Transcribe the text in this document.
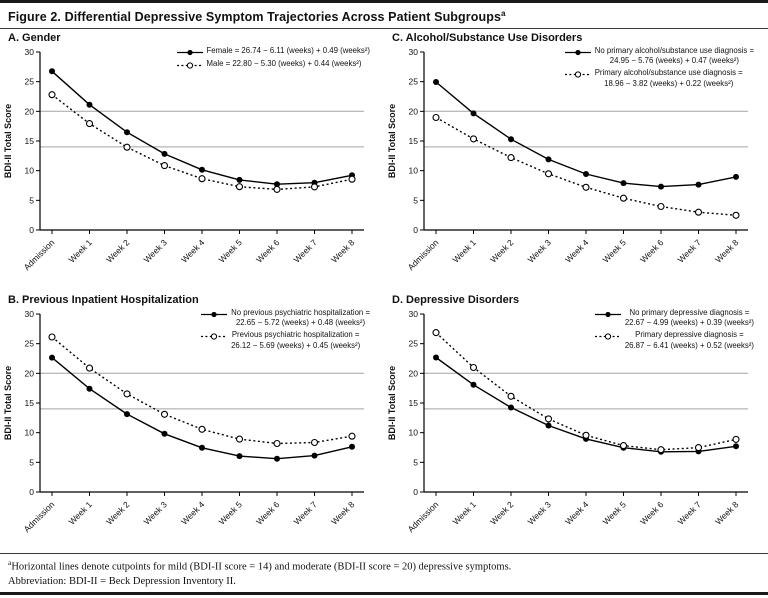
Figure 2. Differential Depressive Symptom Trajectories Across Patient Subgroups$^a$
A. Gender
0
5
10
15
20
25
30
Admission Week 1 Week 2 Week 3 Week 4 Week 5 Week 6 Week 7 Week 8
BDI-II Total Score
Female = 26.74 − 6.11 (weeks) + 0.49 (weeks²)
Male = 22.80 − 5.30 (weeks) + 0.44 (weeks²)
C. Alcohol/Substance Use Disorders
0
5
10
15
20
25
30
Admission Week 1 Week 2 Week 3 Week 4 Week 5 Week 6 Week 7 Week 8
BDI-II Total Score
No primary alcohol/substance use diagnosis =
24.95 − 5.76 (weeks) + 0.47 (weeks²)
Primary alcohol/substance use diagnosis =
18.96 − 3.82 (weeks) + 0.22 (weeks²)
B. Previous Inpatient Hospitalization
0
5
10
15
20
25
30
Admission Week 1 Week 2 Week 3 Week 4 Week 5 Week 6 Week 7 Week 8
BDI-II Total Score
No previous psychiatric hospitalization =
22.65 − 5.72 (weeks) + 0.48 (weeks²)
Previous psychiatric hospitalization =
26.12 − 5.69 (weeks) + 0.45 (weeks²)
D. Depressive Disorders
0
5
10
15
20
25
30
Admission Week 1 Week 2 Week 3 Week 4 Week 5 Week 6 Week 7 Week 8
BDI-II Total Score
No primary depressive diagnosis =
22.67 − 4.99 (weeks) + 0.39 (weeks²)
Primary depressive diagnosis =
26.87 − 6.41 (weeks) + 0.52 (weeks²)

$^a$Horizontal lines denote cutpoints for mild (BDI-II score = 14) and moderate (BDI-II score = 20) depressive symptoms.

Abbreviation: BDI-II = Beck Depression Inventory II.
